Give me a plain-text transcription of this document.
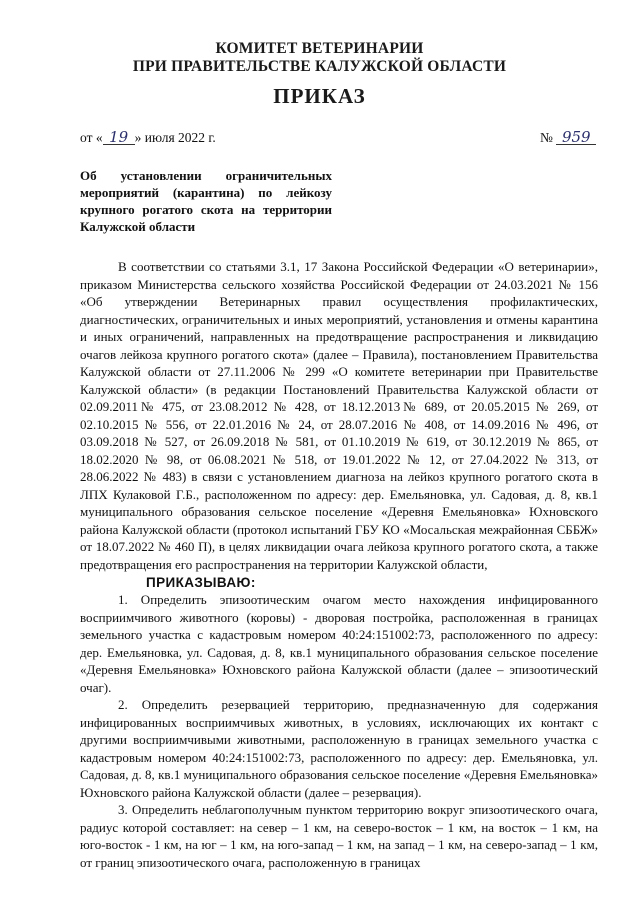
КОМИТЕТ ВЕТЕРИНАРИИ
ПРИ ПРАВИТЕЛЬСТВЕ КАЛУЖСКОЙ ОБЛАСТИ
ПРИКАЗ
от « 19 » июля 2022 г.	№ 959
Об установлении ограничительных
мероприятий (карантина) по лейкозу
крупного рогатого скота на территории
Калужской области

В соответствии со статьями 3.1, 17 Закона Российской Федерации «О ветеринарии», приказом Министерства сельского хозяйства Российской Федерации от 24.03.2021 № 156 «Об утверждении Ветеринарных правил осуществления профилактических, диагностических, ограничительных и иных мероприятий, установления и отмены карантина и иных ограничений, направленных на предотвращение распространения и ликвидацию очагов лейкоза крупного рогатого скота» (далее – Правила), постановлением Правительства Калужской области от 27.11.2006 № 299 «О комитете ветеринарии при Правительстве Калужской области» (в редакции Постановлений Правительства Калужской области от 02.09.2011№ 475, от 23.08.2012 № 428, от 18.12.2013№ 689, от 20.05.2015 № 269, от 02.10.2015 № 556, от 22.01.2016 № 24, от 28.07.2016 № 408, от 14.09.2016 № 496, от 03.09.2018 № 527, от 26.09.2018 № 581, от 01.10.2019 № 619, от 30.12.2019 № 865, от 18.02.2020 № 98, от 06.08.2021 № 518, от 19.01.2022 № 12, от 27.04.2022 № 313, от 28.06.2022 № 483) в связи с установлением диагноза на лейкоз крупного рогатого скота в ЛПХ Кулаковой Г.Б., расположенном по адресу: дер. Емельяновка, ул. Садовая, д. 8, кв.1 муниципального образования сельское поселение «Деревня Емельяновка» Юхновского района Калужской области (протокол испытаний ГБУ КО «Мосальская межрайонная СББЖ» от 18.07.2022 № 460 П), в целях ликвидации очага лейкоза крупного рогатого скота, а также предотвращения его распространения на территории Калужской области,

ПРИКАЗЫВАЮ:

1. Определить эпизоотическим очагом место нахождения инфицированного восприимчивого животного (коровы) - дворовая постройка, расположенная в границах земельного участка с кадастровым номером 40:24:151002:73, расположенного по адресу: дер. Емельяновка, ул. Садовая, д. 8, кв.1 муниципального образования сельское поселение «Деревня Емельяновка» Юхновского района Калужской области (далее – эпизоотический очаг).

2. Определить резервацией территорию, предназначенную для содержания инфицированных восприимчивых животных, в условиях, исключающих их контакт с другими восприимчивыми животными, расположенную в границах земельного участка с кадастровым номером 40:24:151002:73, расположенного по адресу: дер. Емельяновка, ул. Садовая, д. 8, кв.1 муниципального образования сельское поселение «Деревня Емельяновка» Юхновского района Калужской области (далее – резервация).

3. Определить неблагополучным пунктом территорию вокруг эпизоотического очага, радиус которой составляет: на север – 1 км, на северо-восток – 1 км, на восток – 1 км, на юго-восток - 1 км, на юг – 1 км, на юго-запад – 1 км, на запад – 1 км, на северо-запад – 1 км, от границ эпизоотического очага, расположенную в границах
